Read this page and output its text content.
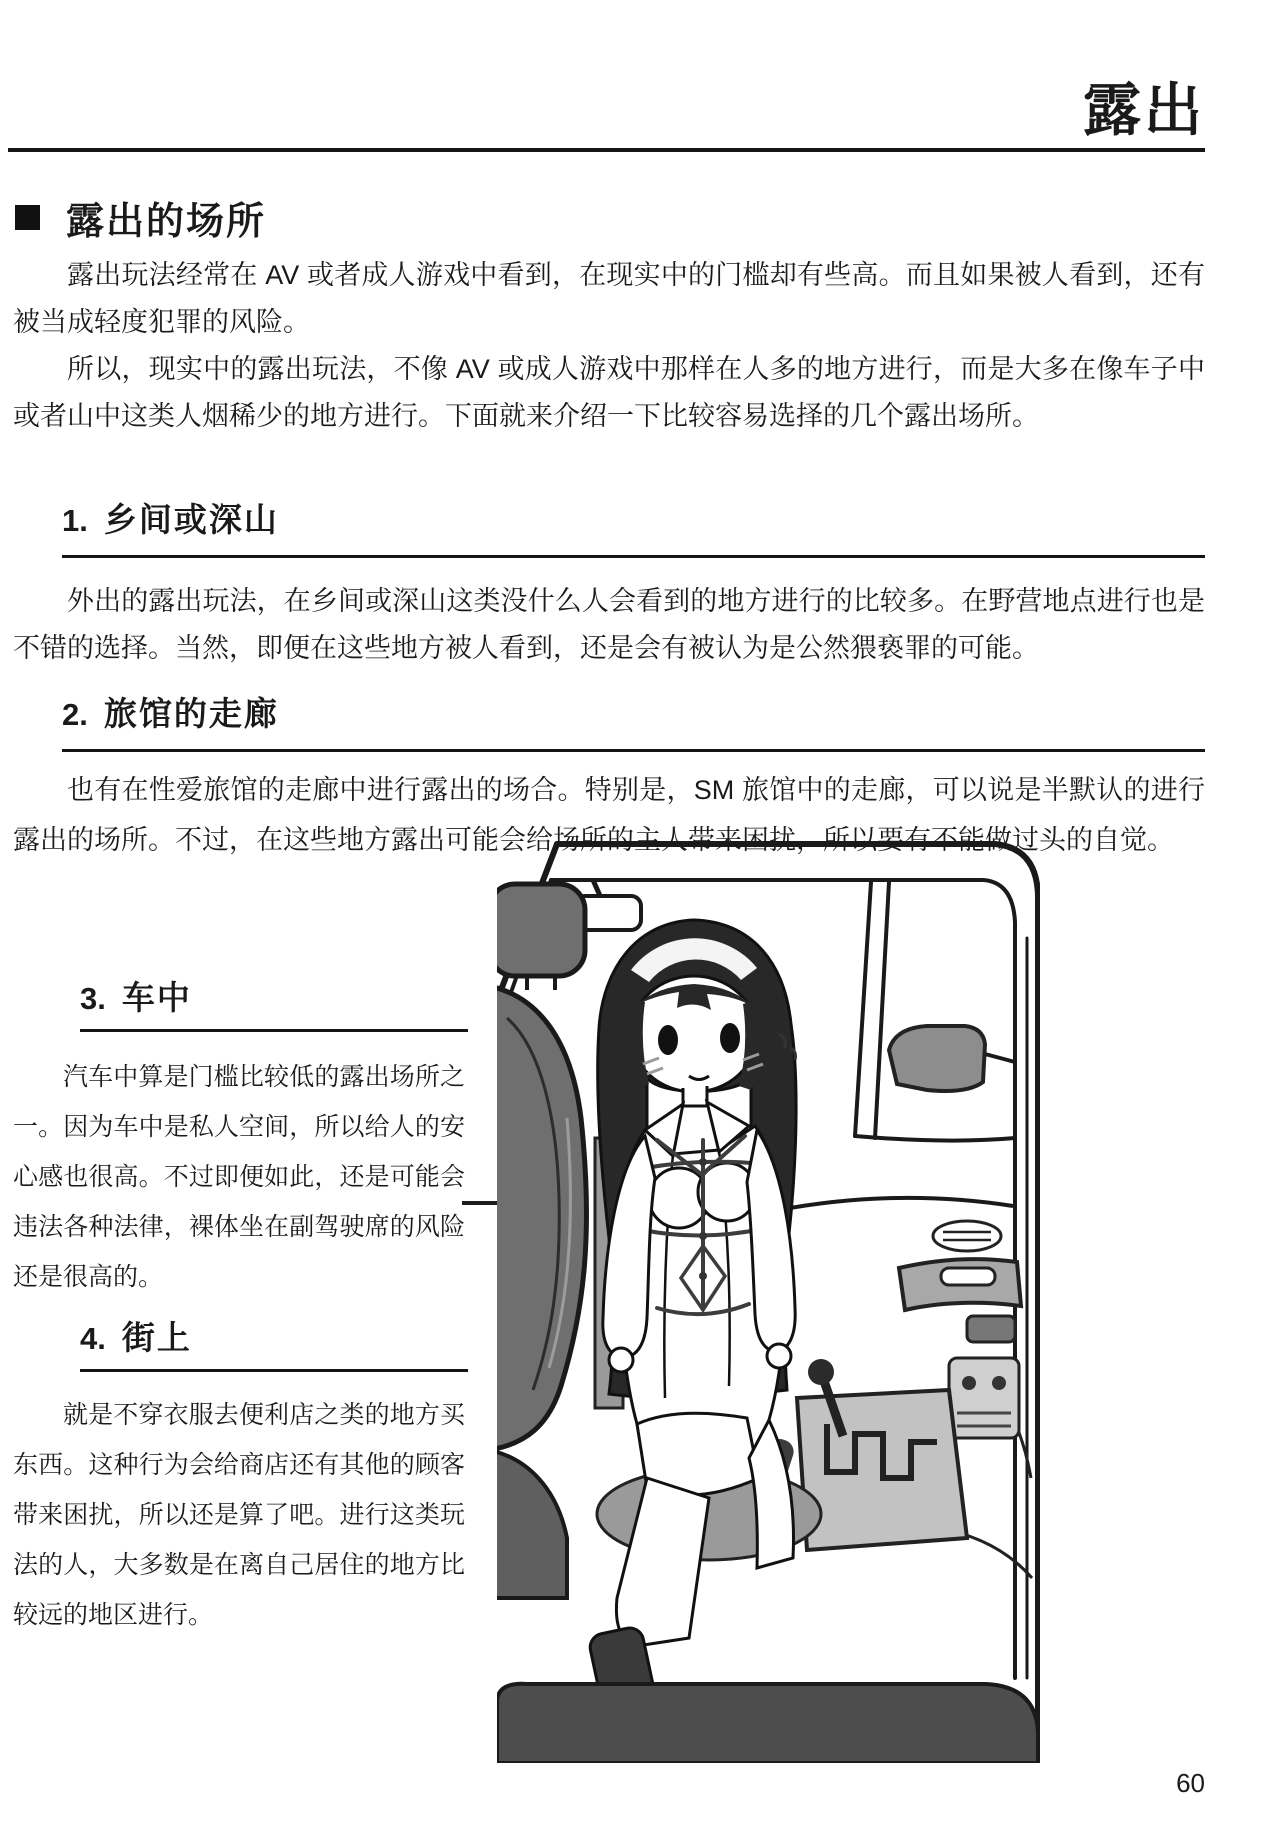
露出
露出的场所

露出玩法经常在 AV 或者成人游戏中看到，在现实中的门槛却有些高。而且如果被人看到，还有被当成轻度犯罪的风险。

所以，现实中的露出玩法，不像 AV 或成人游戏中那样在人多的地方进行，而是大多在像车子中或者山中这类人烟稀少的地方进行。下面就来介绍一下比较容易选择的几个露出场所。

1. 乡间或深山

外出的露出玩法，在乡间或深山这类没什么人会看到的地方进行的比较多。在野营地点进行也是不错的选择。当然，即便在这些地方被人看到，还是会有被认为是公然猥亵罪的可能。

2. 旅馆的走廊

也有在性爱旅馆的走廊中进行露出的场合。特别是，SM 旅馆中的走廊，可以说是半默认的进行露出的场所。不过，在这些地方露出可能会给场所的主人带来困扰，所以要有不能做过头的自觉。

3. 车中

汽车中算是门槛比较低的露出场所之一。因为车中是私人空间，所以给人的安心感也很高。不过即便如此，还是可能会违法各种法律，裸体坐在副驾驶席的风险还是很高的。

4. 街上

就是不穿衣服去便利店之类的地方买东西。这种行为会给商店还有其他的顾客带来困扰，所以还是算了吧。进行这类玩法的人，大多数是在离自己居住的地方比较远的地区进行。

60
